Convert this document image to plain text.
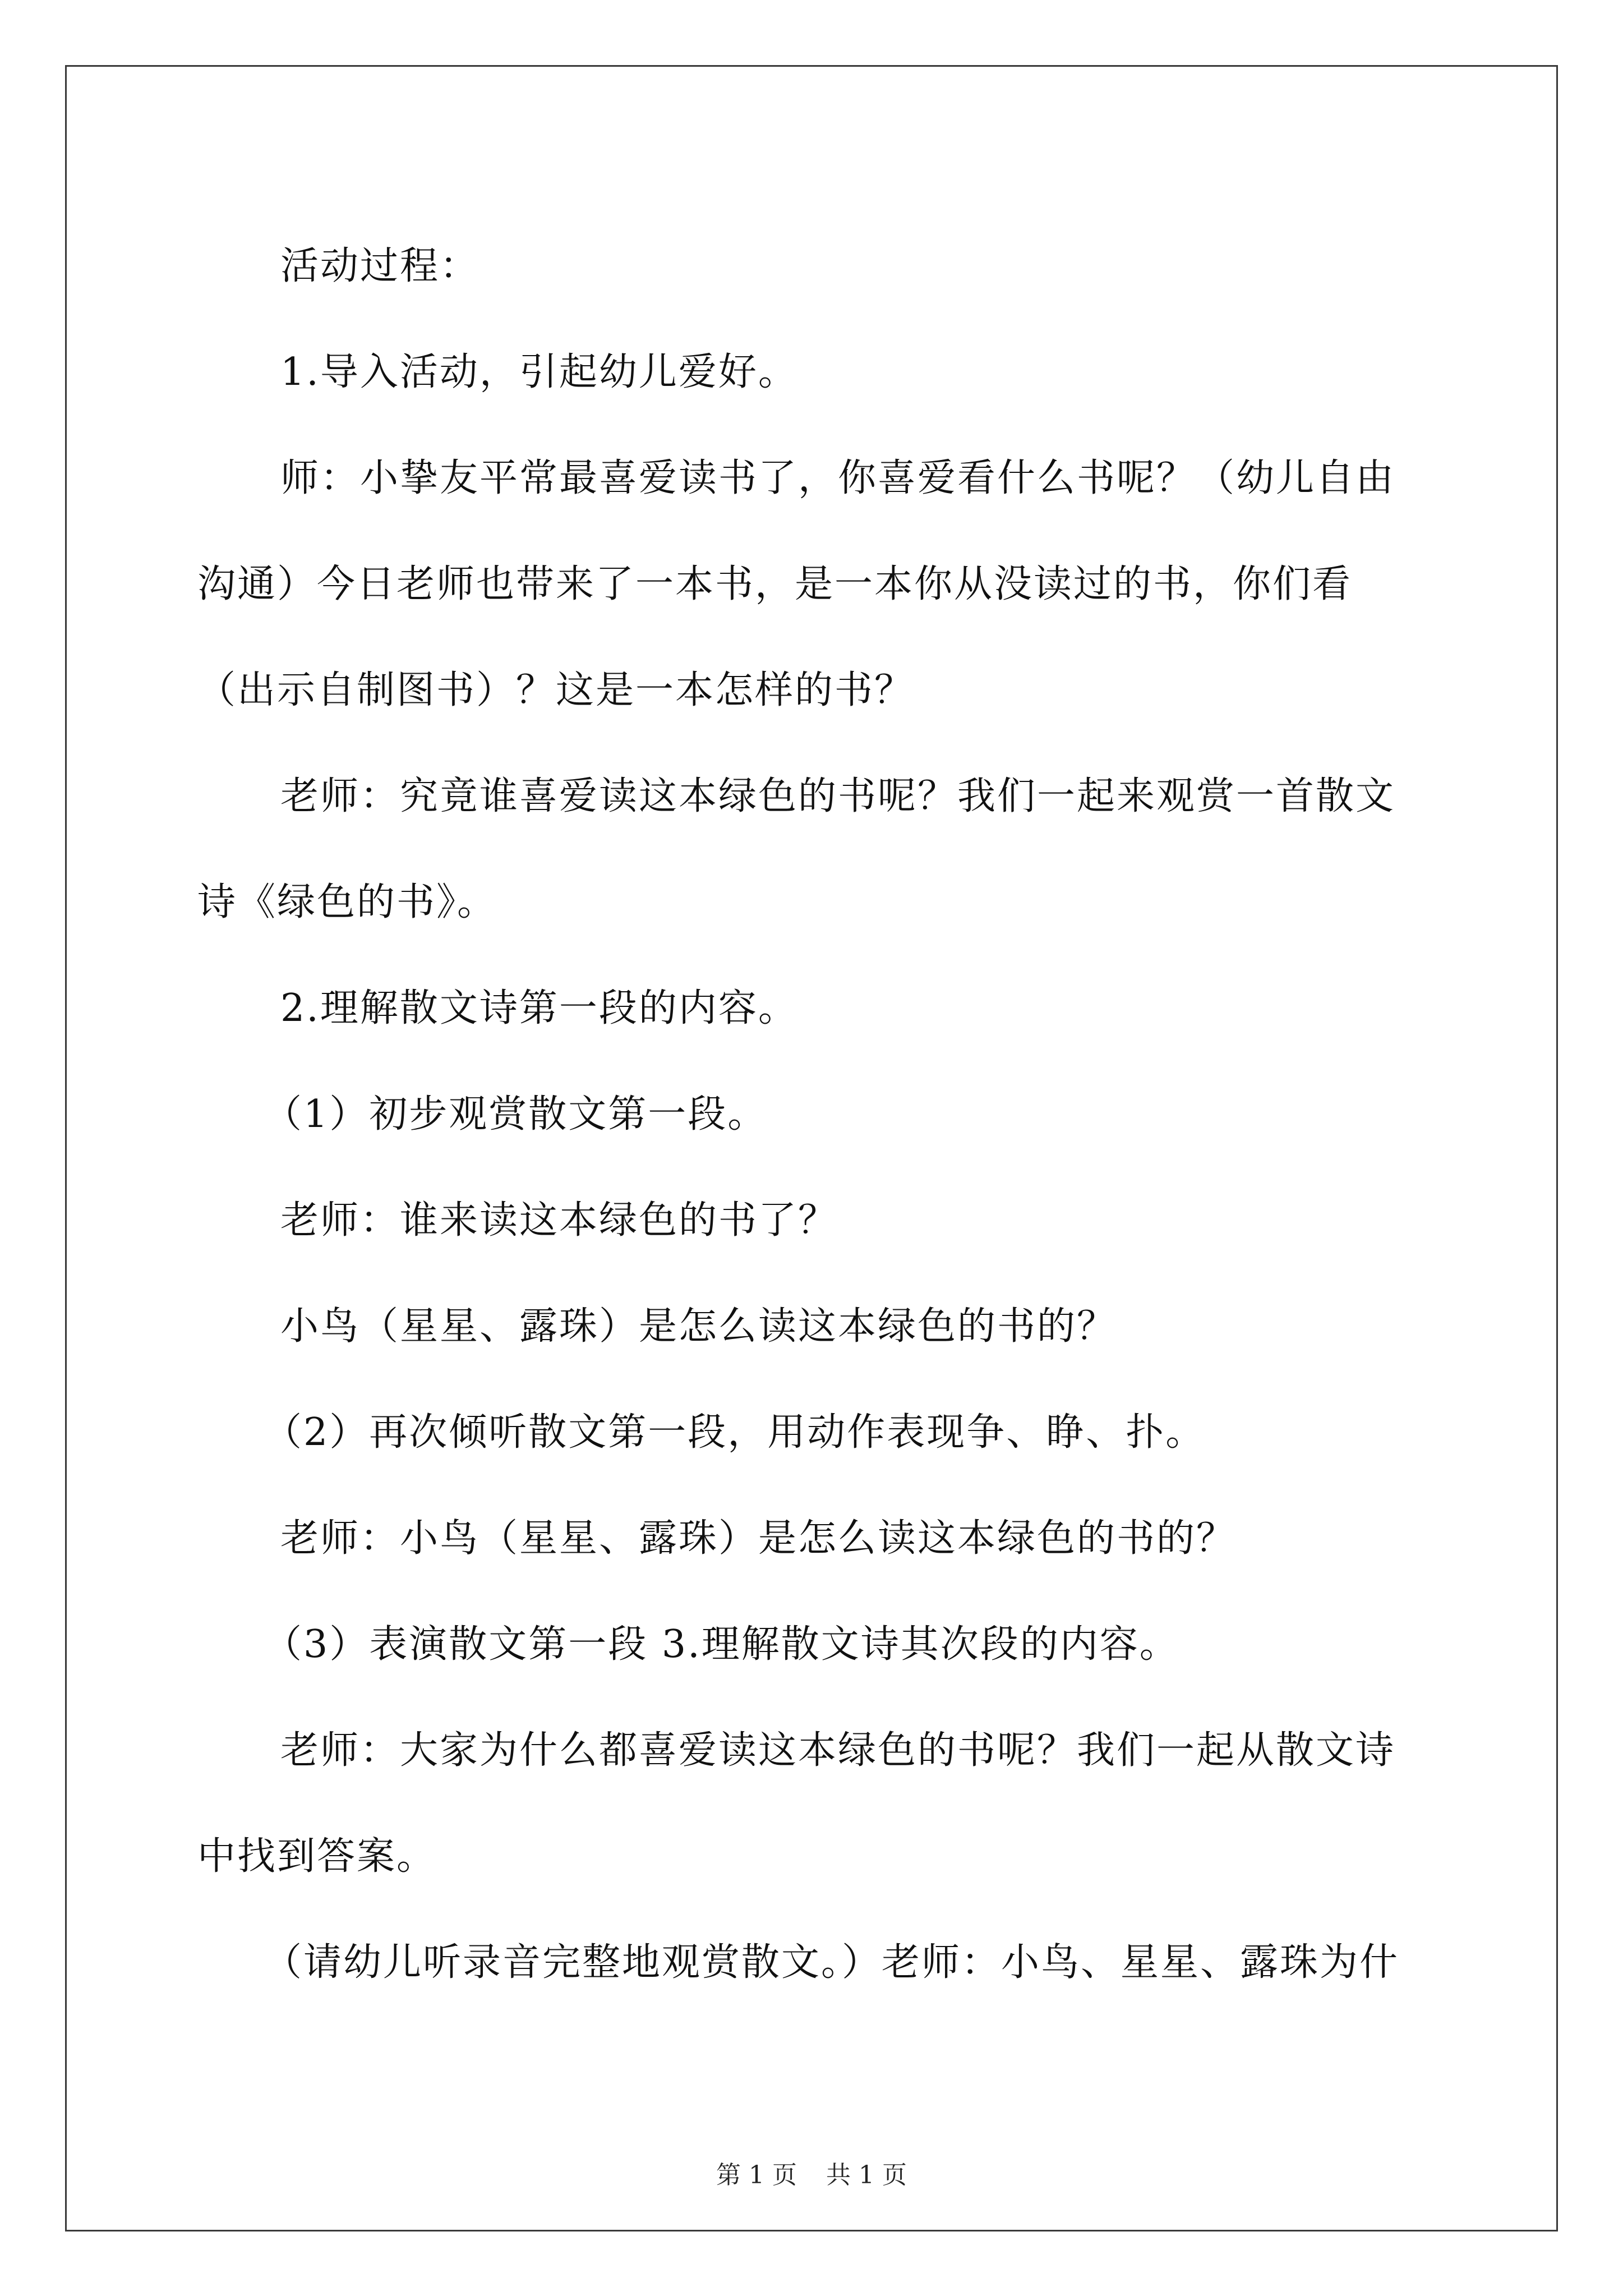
活动过程：

1.导入活动，引起幼儿爱好。

师：小挚友平常最喜爱读书了，你喜爱看什么书呢？（幼儿自由沟通）今日老师也带来了一本书，是一本你从没读过的书，你们看（出示自制图书）？这是一本怎样的书？

老师：究竟谁喜爱读这本绿色的书呢？我们一起来观赏一首散文诗《绿色的书》。

2.理解散文诗第一段的内容。

（1）初步观赏散文第一段。

老师：谁来读这本绿色的书了？

小鸟（星星、露珠）是怎么读这本绿色的书的？

（2）再次倾听散文第一段，用动作表现争、睁、扑。

老师：小鸟（星星、露珠）是怎么读这本绿色的书的？

（3）表演散文第一段 3.理解散文诗其次段的内容。

老师：大家为什么都喜爱读这本绿色的书呢？我们一起从散文诗中找到答案。

（请幼儿听录音完整地观赏散文。）老师：小鸟、星星、露珠为什

第 1 页 共 1 页
